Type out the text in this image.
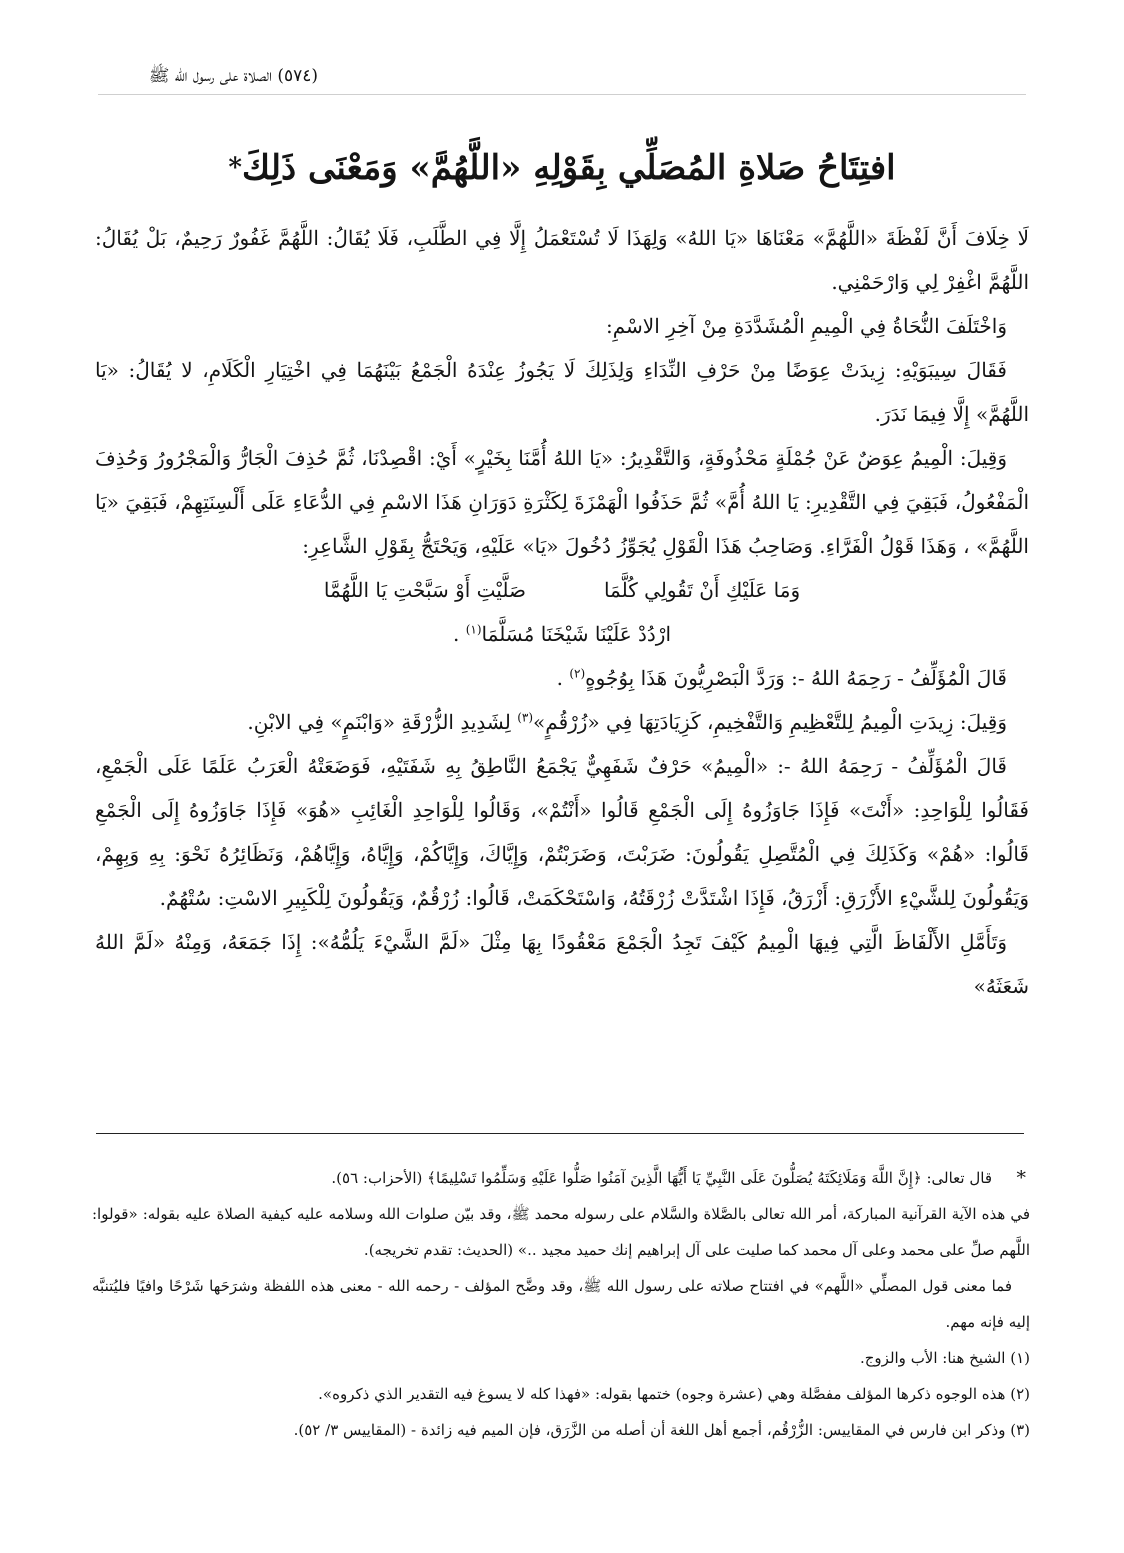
(٥٧٤) الصلاة على رسول الله ﷺ
افتِتَاحُ صَلاةِ المُصَلِّي بِقَوْلِهِ «اللَّهُمَّ» وَمَعْنَى ذَلِكَ*

لَا خِلَافَ أَنَّ لَفْظَةَ «اللَّهُمَّ» مَعْنَاهَا «يَا اللهُ» وَلِهَذَا لَا تُسْتَعْمَلُ إِلَّا فِي الطَّلَبِ، فَلَا يُقَالُ: اللَّهُمَّ غَفُورٌ رَحِيمٌ، بَلْ يُقَالُ: اللَّهُمَّ اغْفِرْ لِي وَارْحَمْنِي.

وَاخْتَلَفَ النُّحَاةُ فِي الْمِيمِ الْمُشَدَّدَةِ مِنْ آخِرِ الاسْمِ:

فَقَالَ سِيبَوَيْهِ: زِيدَتْ عِوَضًا مِنْ حَرْفِ النِّدَاءِ وَلِذَلِكَ لَا يَجُوزُ عِنْدَهُ الْجَمْعُ بَيْنَهُمَا فِي اخْتِيَارِ الْكَلَامِ، لا يُقَالُ: «يَا اللَّهُمَّ» إِلَّا فِيمَا نَدَرَ.

وَقِيلَ: الْمِيمُ عِوَضٌ عَنْ جُمْلَةٍ مَحْذُوفَةٍ، وَالتَّقْدِيرُ: «يَا اللهُ أُمَّنَا بِخَيْرٍ» أَيْ: اقْصِدْنَا، ثُمَّ حُذِفَ الْجَارُّ وَالْمَجْرُورُ وَحُذِفَ الْمَفْعُولُ، فَبَقِيَ فِي التَّقْدِيرِ: يَا اللهُ أُمَّ» ثُمَّ حَذَفُوا الْهَمْزَةَ لِكَثْرَةِ دَوَرَانِ هَذَا الاسْمِ فِي الدُّعَاءِ عَلَى أَلْسِنَتِهِمْ، فَبَقِيَ «يَا اللَّهُمَّ» ، وَهَذَا قَوْلُ الْفَرَّاءِ. وَصَاحِبُ هَذَا الْقَوْلِ يُجَوِّزُ دُخُولَ «يَا» عَلَيْهِ، وَيَحْتَجُّ بِقَوْلِ الشَّاعِرِ:

وَمَا عَلَيْكِ أَنْ تَقُولِي كُلَّمَا
صَلَّيْتِ أَوْ سَبَّحْتِ يَا اللَّهُمَّا

ارْدُدْ عَلَيْنَا شَيْخَنَا مُسَلَّمَا$^{(١)}$ .

قَالَ الْمُؤَلِّفُ - رَحِمَهُ اللهُ -: وَرَدَّ الْبَصْرِيُّونَ هَذَا بِوُجُوهٍ$^{(٢)}$ .

وَقِيلَ: زِيدَتِ الْمِيمُ لِلتَّعْظِيمِ وَالتَّفْخِيمِ، كَزِيَادَتِهَا فِي «زُرْقُمٍ»$^{(٣)}$ لِشَدِيدِ الزُّرْقَةِ «وَابْنَمٍ» فِي الابْنِ.

قَالَ الْمُؤَلِّفُ - رَحِمَهُ اللهُ -: «الْمِيمُ» حَرْفٌ شَفَهِيٌّ يَجْمَعُ النَّاطِقُ بِهِ شَفَتَيْهِ، فَوَضَعَتْهُ الْعَرَبُ عَلَمًا عَلَى الْجَمْعِ، فَقَالُوا لِلْوَاحِدِ: «أَنْتَ» فَإِذَا جَاوَزُوهُ إِلَى الْجَمْعِ قَالُوا «أَنْتُمْ»، وَقَالُوا لِلْوَاحِدِ الْغَائِبِ «هُوَ» فَإِذَا جَاوَزُوهُ إِلَى الْجَمْعِ قَالُوا: «هُمْ» وَكَذَلِكَ فِي الْمُتَّصِلِ يَقُولُونَ: ضَرَبْتَ، وَضَرَبْتُمْ، وَإِيَّاكَ، وَإِيَّاكُمْ، وَإِيَّاهُ، وَإِيَّاهُمْ، وَنَظَائِرُهُ نَحْوَ: بِهِ وَبِهِمْ، وَيَقُولُونَ لِلشَّيْءِ الأَزْرَقِ: أَزْرَقُ، فَإِذَا اشْتَدَّتْ زُرْقَتُهُ، وَاسْتَحْكَمَتْ، قَالُوا: زُرْقُمٌ، وَيَقُولُونَ لِلْكَبِيرِ الاسْتِ: سُتْهُمٌ.

وَتَأَمَّلِ الأَلْفَاظَ الَّتِي فِيهَا الْمِيمُ كَيْفَ تَجِدُ الْجَمْعَ مَعْقُودًا بِهَا مِثْلَ «لَمَّ الشَّيْءَ يَلُمُّهُ»: إِذَا جَمَعَهُ، وَمِنْهُ «لَمَّ اللهُ شَعَثَهُ»

*
قال تعالى: ﴿إِنَّ اللَّهَ وَمَلَائِكَتَهُ يُصَلُّونَ عَلَى النَّبِيِّ يَا أَيُّهَا الَّذِينَ آمَنُوا صَلُّوا عَلَيْهِ وَسَلِّمُوا تَسْلِيمًا﴾ (الأحزاب: ٥٦).

في هذه الآية القرآنية المباركة، أمر الله تعالى بالصَّلاة والسَّلام على رسوله محمد ﷺ، وقد بيّن صلوات الله وسلامه عليه كيفية الصلاة عليه بقوله: «قولوا: اللَّهم صلِّ على محمد وعلى آل محمد كما صليت على آل إبراهيم إنك حميد مجيد ..» (الحديث: تقدم تخريجه).

فما معنى قول المصلِّي «اللَّهم» في افتتاح صلاته على رسول الله ﷺ، وقد وضَّح المؤلف - رحمه الله - معنى هذه اللفظة وشرَحَها شَرْحًا وافيًا فليُتنبَّه إليه فإنه مهم.

(١) الشيخ هنا: الأب والزوج.

(٢) هذه الوجوه ذكرها المؤلف مفصَّلة وهي (عشرة وجوه) ختمها بقوله: «فهذا كله لا يسوغ فيه التقدير الذي ذكروه».

(٣) وذكر ابن فارس في المقاييس: الزُّرْقُم، أجمع أهل اللغة أن أصله من الزَّرَق، فإن الميم فيه زائدة - (المقاييس ٣/ ٥٢).
